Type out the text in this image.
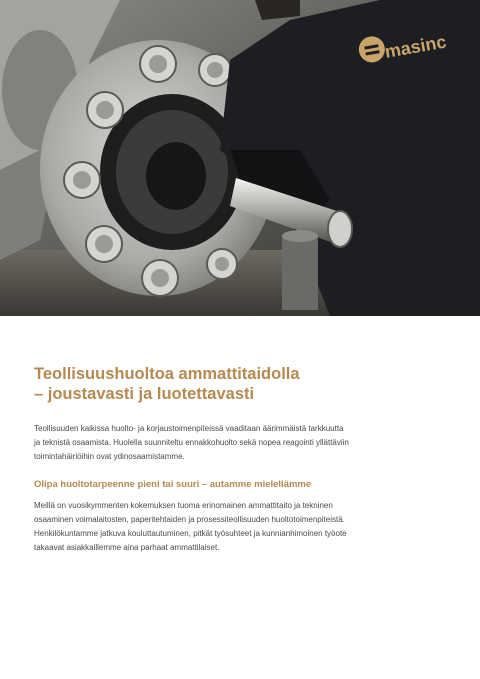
masinc
Teollisuushuoltoa ammattitaidolla
– joustavasti ja luotettavasti

Teollisuuden kaikissa huolto- ja korjaustoimenpiteissä vaaditaan äärimmäistä tarkkuutta
ja teknistä osaamista. Huolella suunniteltu ennakkohuolto sekä nopea reagointi yllättäviin
toimintahäiriöihin ovat ydinosaamistamme.

Olipa huoltotarpeenne pieni tai suuri – autamme mielellämme

Meillä on vuosikymmenten kokemuksen tuoma erinomainen ammattitaito ja tekninen
osaaminen voimalaitosten, paperitehtaiden ja prosessiteollisuuden huoltotoimenpiteistä.
Henkilökuntamme jatkuva kouluttautuminen, pitkät työsuhteet ja kunnianhimoinen työote
takaavat asiakkaillemme aina parhaat ammattilaiset.
